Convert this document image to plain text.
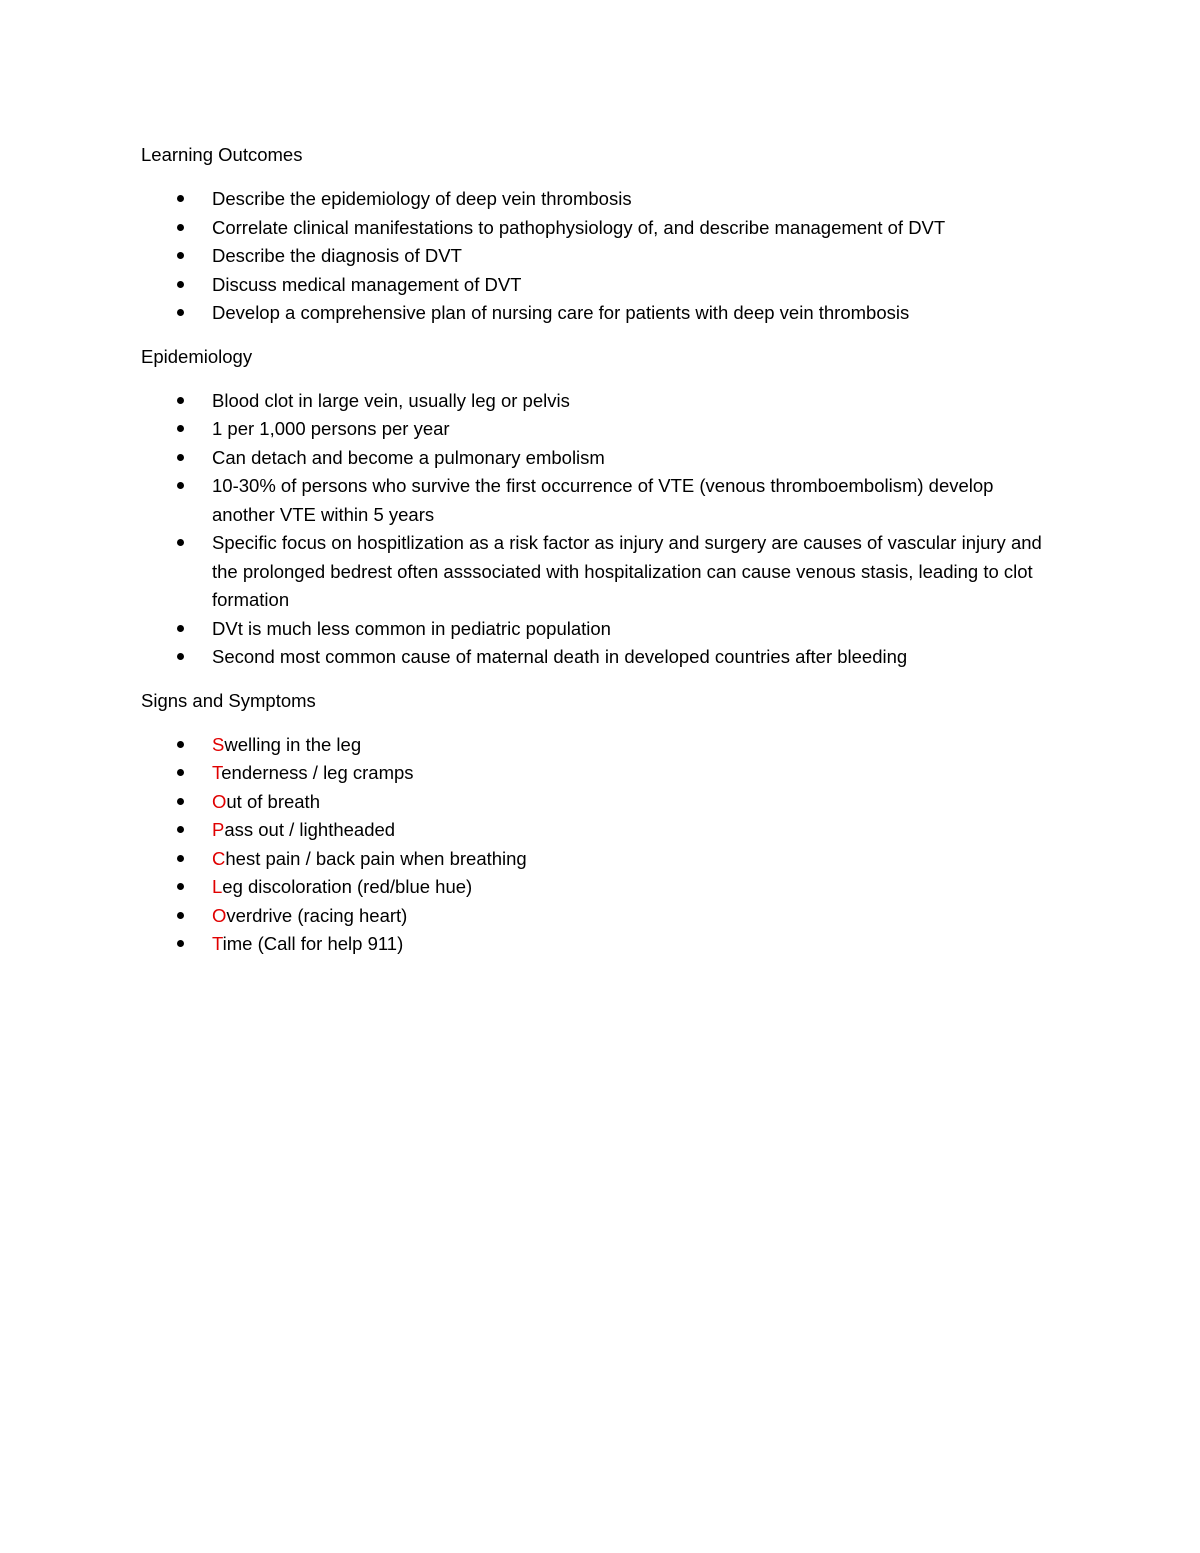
Learning Outcomes

Describe the epidemiology of deep vein thrombosis
Correlate clinical manifestations to pathophysiology of, and describe management of DVT
Describe the diagnosis of DVT
Discuss medical management of DVT
Develop a comprehensive plan of nursing care for patients with deep vein thrombosis

Epidemiology

Blood clot in large vein, usually leg or pelvis
1 per 1,000 persons per year
Can detach and become a pulmonary embolism
10-30% of persons who survive the first occurrence of VTE (venous thromboembolism) develop another VTE within 5 years
Specific focus on hospitlization as a risk factor as injury and surgery are causes of vascular injury and the prolonged bedrest often asssociated with hospitalization can cause venous stasis, leading to clot formation
DVt is much less common in pediatric population
Second most common cause of maternal death in developed countries after bleeding

Signs and Symptoms

Swelling in the leg
Tenderness / leg cramps
Out of breath
Pass out / lightheaded
Chest pain / back pain when breathing
Leg discoloration (red/blue hue)
Overdrive (racing heart)
Time (Call for help 911)
